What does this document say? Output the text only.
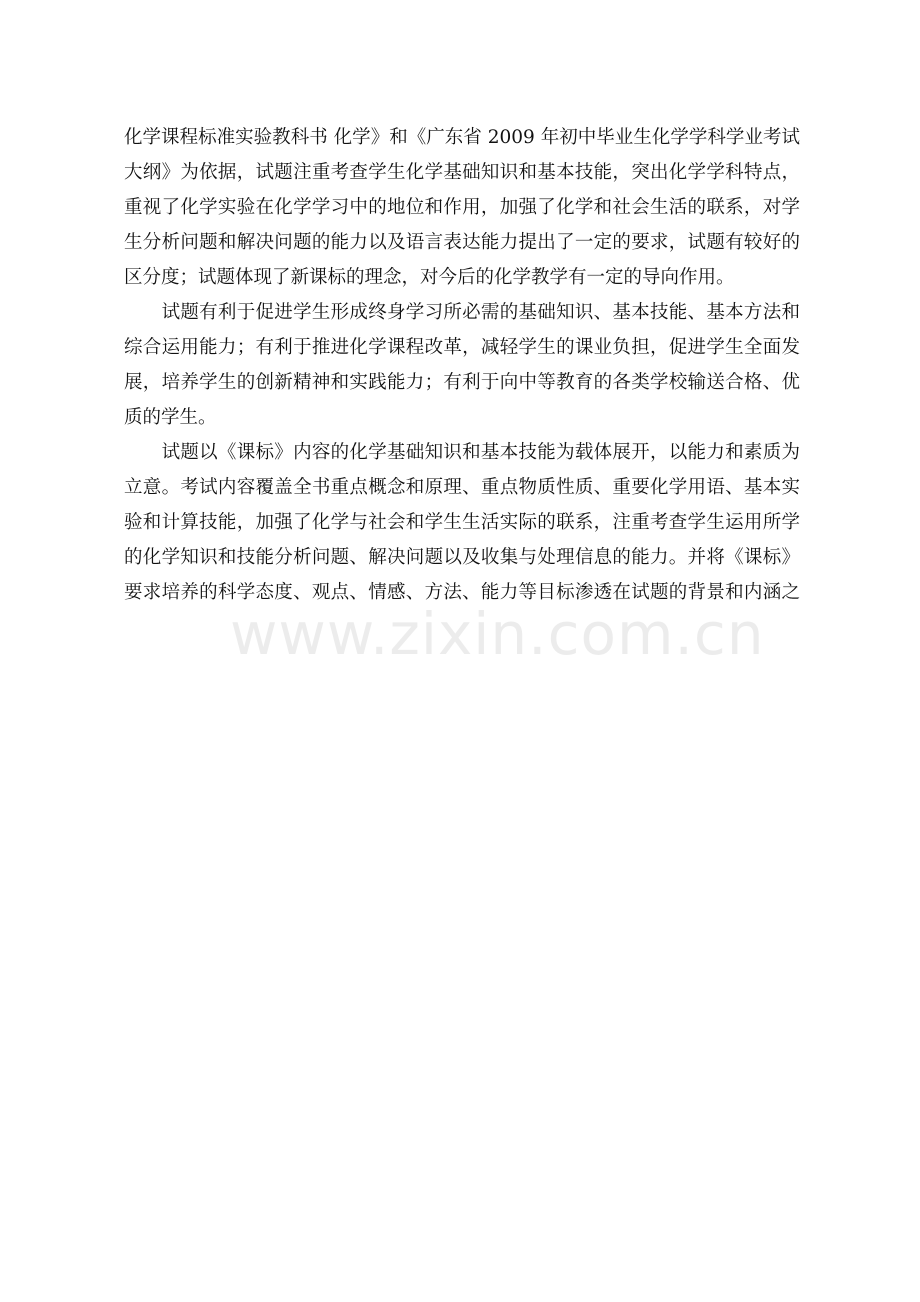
化学课程标准实验教科书 化学》和《广东省 2009 年初中毕业生化学学科学业考试
大纲》为依据，试题注重考查学生化学基础知识和基本技能，突出化学学科特点，
重视了化学实验在化学学习中的地位和作用，加强了化学和社会生活的联系，对学
生分析问题和解决问题的能力以及语言表达能力提出了一定的要求，试题有较好的
区分度；试题体现了新课标的理念，对今后的化学教学有一定的导向作用。
　　试题有利于促进学生形成终身学习所必需的基础知识、基本技能、基本方法和
综合运用能力；有利于推进化学课程改革，减轻学生的课业负担，促进学生全面发
展，培养学生的创新精神和实践能力；有利于向中等教育的各类学校输送合格、优
质的学生。
　　试题以《课标》内容的化学基础知识和基本技能为载体展开，以能力和素质为
立意。考试内容覆盖全书重点概念和原理、重点物质性质、重要化学用语、基本实
验和计算技能，加强了化学与社会和学生生活实际的联系，注重考查学生运用所学
的化学知识和技能分析问题、解决问题以及收集与处理信息的能力。并将《课标》
要求培养的科学态度、观点、情感、方法、能力等目标渗透在试题的背景和内涵之
www.zixin.com.cn
